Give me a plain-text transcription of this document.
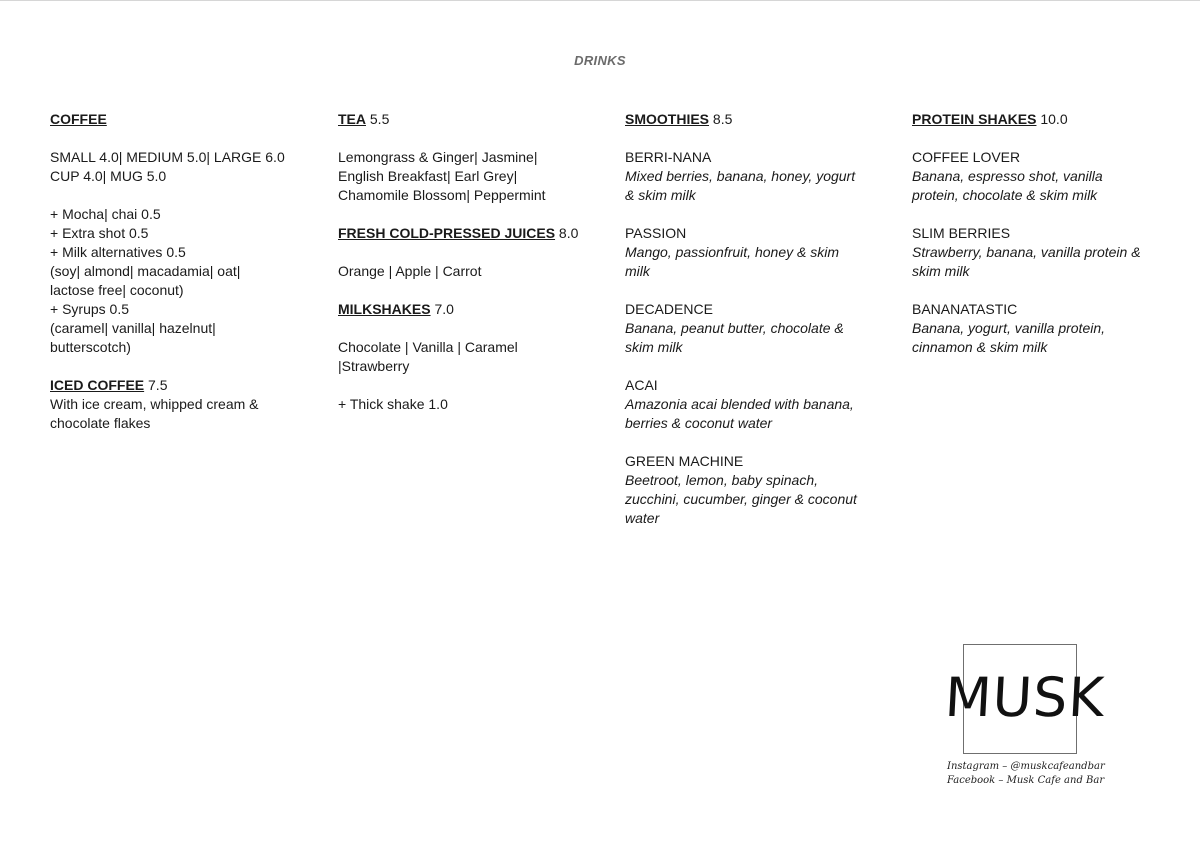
DRINKS
COFFEE
SMALL 4.0| MEDIUM 5.0| LARGE 6.0
CUP 4.0| MUG 5.0
+ Mocha| chai 0.5
+ Extra shot 0.5
+ Milk alternatives 0.5
(soy| almond| macadamia| oat|
lactose free| coconut)
+ Syrups 0.5
(caramel| vanilla| hazelnut|
butterscotch)
ICED COFFEE 7.5
With ice cream, whipped cream &
chocolate flakes
TEA 5.5
Lemongrass & Ginger| Jasmine|
English Breakfast| Earl Grey|
Chamomile Blossom| Peppermint
FRESH COLD-PRESSED JUICES 8.0
Orange | Apple | Carrot
MILKSHAKES 7.0
Chocolate | Vanilla | Caramel
|Strawberry
+ Thick shake 1.0
SMOOTHIES 8.5
BERRI-NANA
Mixed berries, banana, honey, yogurt
& skim milk
PASSION
Mango, passionfruit, honey & skim
milk
DECADENCE
Banana, peanut butter, chocolate &
skim milk
ACAI
Amazonia acai blended with banana,
berries & coconut water
GREEN MACHINE
Beetroot, lemon, baby spinach,
zucchini, cucumber, ginger & coconut
water
PROTEIN SHAKES 10.0
COFFEE LOVER
Banana, espresso shot, vanilla
protein, chocolate & skim milk
SLIM BERRIES
Strawberry, banana, vanilla protein &
skim milk
BANANATASTIC
Banana, yogurt, vanilla protein,
cinnamon & skim milk
MUSK
Instagram – @muskcafeandbar
Facebook – Musk Cafe and Bar
